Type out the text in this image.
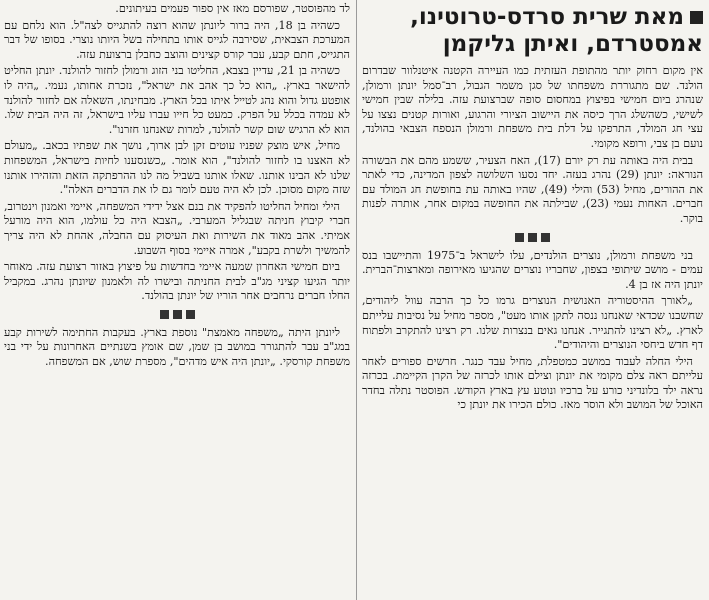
מאת שרית סרדס-טרוטינו, אמסטרדם, ואיתן גליקמן

אין מקום רחוק יותר מהתופת העזתית כמו העיירה הקטנה איטנלוור שבדרום הולנד. שם מתגוררת משפחתו של סגן משמר הגבול, רב־סמל יונתן ורמולן, שנהרג ביום חמישי בפיצוץ במחסום סופה שברצועת עזה. בלילה שבין חמישי לשישי, כשהשלג הרך כיסה את היישוב הציורי והרגוע, ואורות קטנים נצצו על עצי חג המולד, התרפקו על דלת בית משפחת ורמולן הנספח הצבאי בהולנד, נועם בן צבי, ורופא מקומי.

בבית היה באותה עת רק יורם (17), האח הצעיר, ששמע מהם את הבשורה הנוראה: יונתן (29) נהרג בעזה. יחד נסעו השלושה לצפון המדינה, כדי לאתר את ההורים, מחיל (53) והילי (49), שהיו באותה עת בחופשת חג המולד עם חברים. האחות נעמי (23), שבילתה את החופשה במקום אחר, אותרה לפנות בוקר.

בני משפחת ורמולן, נוצרים הולנדים, עלו לישראל ב־1975 והתיישבו בנס עמים - מושב שיתופי בצפון, שחבריו נוצרים שהגיעו מאירופה ומארצות־הברית. יונתן היה אז בן 4.

„לאורך ההיסטוריה האנושית הנוצרים גרמו כל כך הרבה עוול ליהודים, שחשבנו שכדאי שאנחנו ננסה לתקן אותו מעט", מספר מחיל על נסיבות עלייתם לארץ. „לא רצינו להתגייר. אנחנו גאים בנצרות שלנו. רק רצינו להתקרב ולפתוח דף חדש ביחסי הנוצרים והיהודים".

הילי החלה לעבוד במושב כמטפלת, מחיל עבד כנגר. חרשים ספורים לאחר עלייתם ראה צלם מקומי את יונתן וצילם אותו לכרזה של הקרן הקיימת. בכרזה נראה ילד בלונדיני כורע על ברכיו ונוטע עץ בארץ הקודש. הפוסטר נתלה בחדר האוכל של המושב ולא הוסר מאז. כולם הכירו את יונתן כי

לד מהפוסטר, שפורסם מאז אין ספור פעמים בעיתונים.

כשהיה בן 18, היה ברור ליונתן שהוא רוצה להתגייס לצה"ל. הוא נלחם עם המערכת הצבאית, שסירבה לגייס אותו בתחילה בשל היותו נוצרי. בסופו של דבר התגייס, חתם קבע, עבר קורס קצינים והוצב כחבלן ברצועת עזה.

כשהיה בן 21, עדיין בצבא, החליטו בני הזוג ורמולן לחזור להולנד. יונתן החליט להישאר בארץ. „הוא כל כך אהב את ישראל", נזכרת אחותו, נעמי. „היה לו אופטע גדול והוא נהג לטייל איתו בכל הארץ. מבחינתו, השאלה אם לחזור להולנד לא עמדה בכלל על הפרק. כמעט כל חייו עברו עליו בישראל, זה היה הבית שלו. הוא לא הרגיש שום קשר להולנד, למרות שאנחנו חזרנו".

מחיל, איש מוצק שפניו עוטים זקן לבן ארוך, נושך את שפתיו בכאב. „מעולם לא האצנו בו לחזור להולנד", הוא אומר. „כשנסענו לחיות בישראל, המשפחות שלנו לא הבינו אותנו. שאלו אותנו בשביל מה לנו ההרפתקה הזאת והזהירו אותנו שזה מקום מסוכן. לכן לא היה טעם לומר גם לו את הדברים האלה".

הילי ומחיל החליטו להפקיד את בנם אצל ידידי המשפחה, איימי ואמנון וינטרוב, חברי קיבוץ חניתה שבגליל המערבי. „הצבא היה כל עולמו, הוא היה מורעל אמיתי. אהב מאוד את השירות ואת העיסוק עם החבלה, אהחת לא היה צריך להמשיך ולשרת בקבע", אמרה איימי בסוף השבוע.

ביום חמישי האחרון שמעה איימי בחדשות על פיצוץ באזור רצועת עזה. מאוחר יותר הגיעו קציני מג"ב לבית החניתה ובישרו לה ולאמנון שיונתן נהרג. במקביל החלו חברים נרחבים אחר הוריו של יונתן בהולנד.

ליונתן היתה „משפחה מאמצת" נוספת בארץ. בעקבות החתימה לשירות קבע במג"ב עבר להתגורר במושב בן שמן, שם אומץ בשנתיים האחרונות על ידי בני משפחת קורסקי. „יונתן היה איש מדהים", מספרת שוש, אם המשפחה.
